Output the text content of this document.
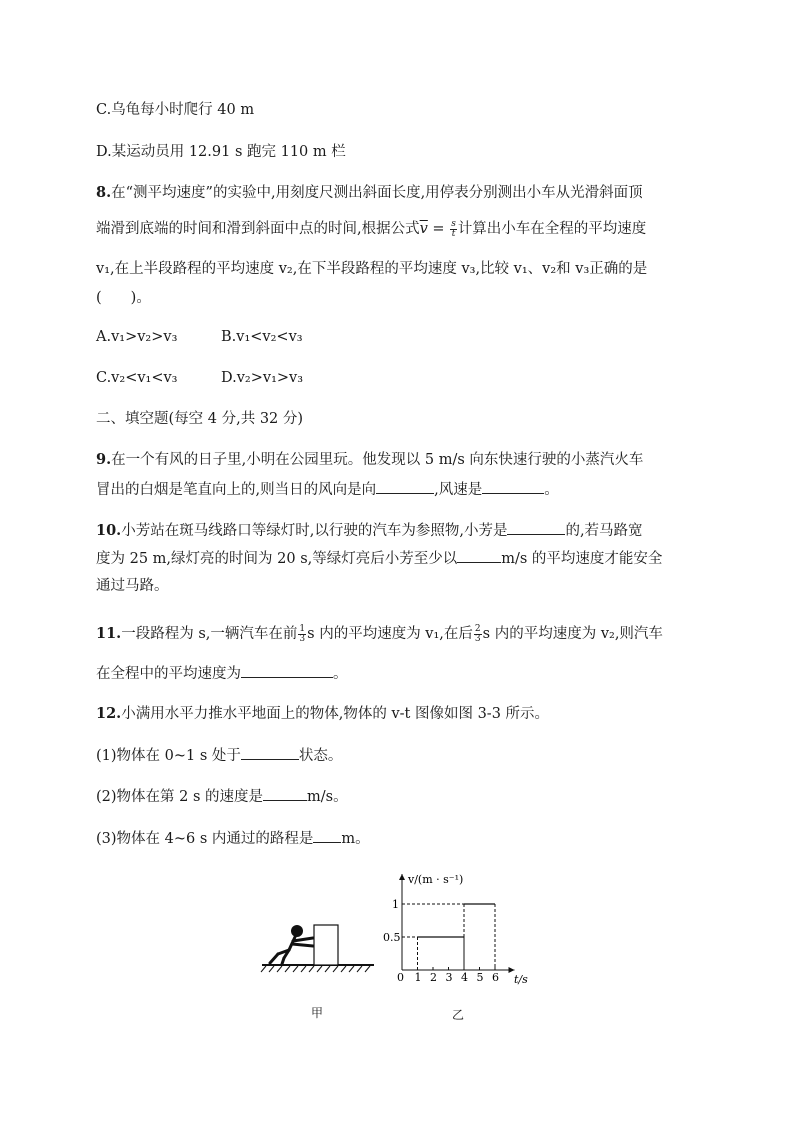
C.乌龟每小时爬行 40 m
D.某运动员用 12.91 s 跑完 110 m 栏
8.在“测平均速度”的实验中,用刻度尺测出斜面长度,用停表分别测出小车从光滑斜面顶
端滑到底端的时间和滑到斜面中点的时间,根据公式$\overline{v} = \frac{s}{t}$ 计算出小车在全程的平均速度
v₁,在上半段路程的平均速度 v₂,在下半段路程的平均速度 v₃,比较 v₁、v₂和 v₃正确的是
(　　)。
A.v₁>v₂>v₃	B.v₁<v₂<v₃
C.v₂<v₁<v₃	D.v₂>v₁>v₃
二、填空题(每空 4 分,共 32 分)
9.在一个有风的日子里,小明在公园里玩。他发现以 5 m/s 向东快速行驶的小蒸汽火车
冒出的白烟是笔直向上的,则当日的风向是向	,风速是	。
10.小芳站在斑马线路口等绿灯时,以行驶的汽车为参照物,小芳是	的,若马路宽
度为 25 m,绿灯亮的时间为 20 s,等绿灯亮后小芳至少以	m/s 的平均速度才能安全
通过马路。
11.一段路程为 s,一辆汽车在前 $\frac{1}{3}$ s 内的平均速度为 v₁,在后 $\frac{2}{3}$ s 内的平均速度为 v₂,则汽车
在全程中的平均速度为	。
12.小满用水平力推水平地面上的物体,物体的 v-t 图像如图 3-3 所示。
(1)物体在 0~1 s 处于	状态。
(2)物体在第 2 s 的速度是	m/s。
(3)物体在 4~6 s 内通过的路程是 m。
1 2 3 4 5 6
0.5
1
v/(m · s⁻¹)
t/s
0
甲	乙
